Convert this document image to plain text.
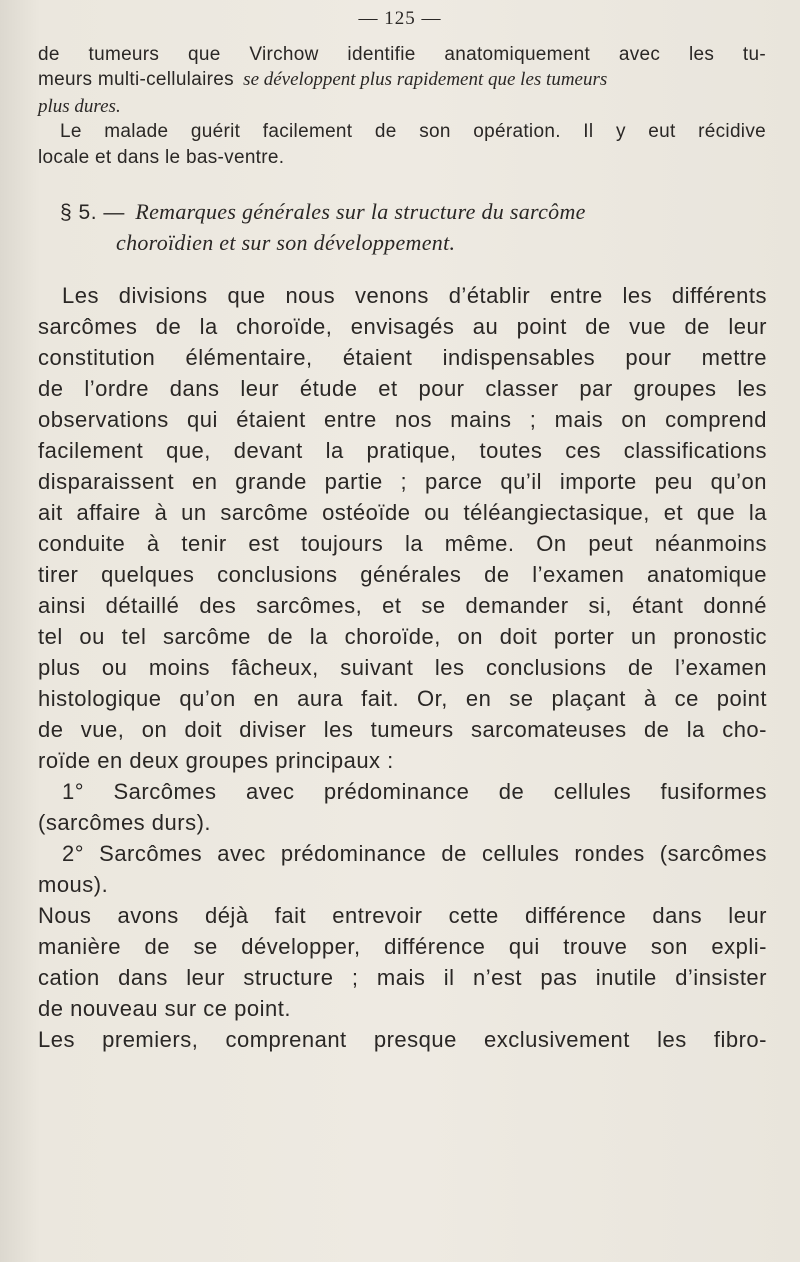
— 125 —
de tumeurs que Virchow identifie anatomiquement avec les tu-
meurs multi-cellulaires se développent plus rapidement que les tumeurs
plus dures.
Le malade guérit facilement de son opération. Il y eut récidive
locale et dans le bas-ventre.
§ 5. — Remarques générales sur la structure du sarcôme
choroïdien et sur son développement.
Les divisions que nous venons d’établir entre les différents
sarcômes de la choroïde, envisagés au point de vue de leur
constitution élémentaire, étaient indispensables pour mettre
de l’ordre dans leur étude et pour classer par groupes les
observations qui étaient entre nos mains ; mais on comprend
facilement que, devant la pratique, toutes ces classifications
disparaissent en grande partie ; parce qu’il importe peu qu’on
ait affaire à un sarcôme ostéoïde ou téléangiectasique, et que la
conduite à tenir est toujours la même. On peut néanmoins
tirer quelques conclusions générales de l’examen anatomique
ainsi détaillé des sarcômes, et se demander si, étant donné
tel ou tel sarcôme de la choroïde, on doit porter un pronostic
plus ou moins fâcheux, suivant les conclusions de l’examen
histologique qu’on en aura fait. Or, en se plaçant à ce point
de vue, on doit diviser les tumeurs sarcomateuses de la cho-
roïde en deux groupes principaux :
1° Sarcômes avec prédominance de cellules fusiformes
(sarcômes durs).
2° Sarcômes avec prédominance de cellules rondes (sarcômes
mous).
Nous avons déjà fait entrevoir cette différence dans leur
manière de se développer, différence qui trouve son expli-
cation dans leur structure ; mais il n’est pas inutile d’insister
de nouveau sur ce point.
Les premiers, comprenant presque exclusivement les fibro-
